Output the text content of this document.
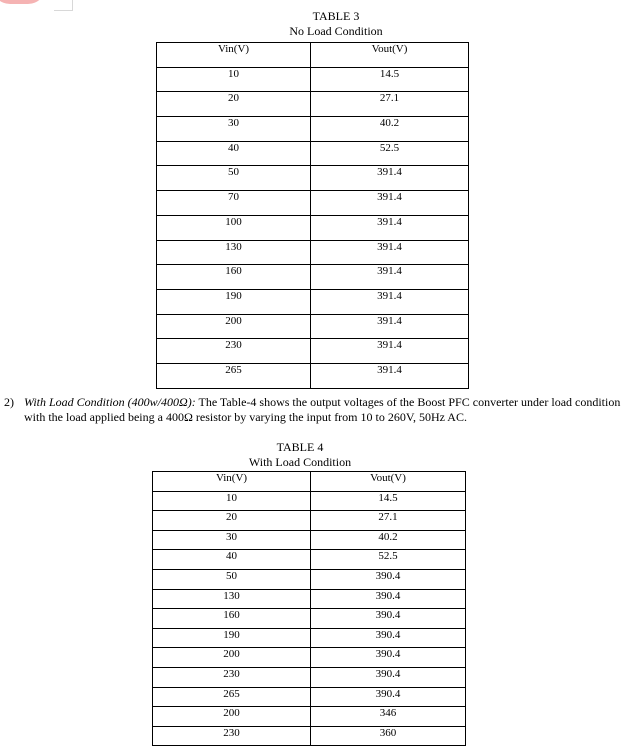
TABLE 3
No Load Condition
Vin(V)	Vout(V)
10	14.5
20	27.1
30	40.2
40	52.5
50	391.4
70	391.4
100	391.4
130	391.4
160	391.4
190	391.4
200	391.4
230	391.4
265	391.4
2) With Load Condition (400w/400Ω): The Table-4 shows the output voltages of the Boost PFC converter under load condition
with the load applied being a 400Ω resistor by varying the input from 10 to 260V, 50Hz AC.
TABLE 4
With Load Condition
Vin(V)	Vout(V)
10	14.5
20	27.1
30	40.2
40	52.5
50	390.4
130	390.4
160	390.4
190	390.4
200	390.4
230	390.4
265	390.4
200	346
230	360
